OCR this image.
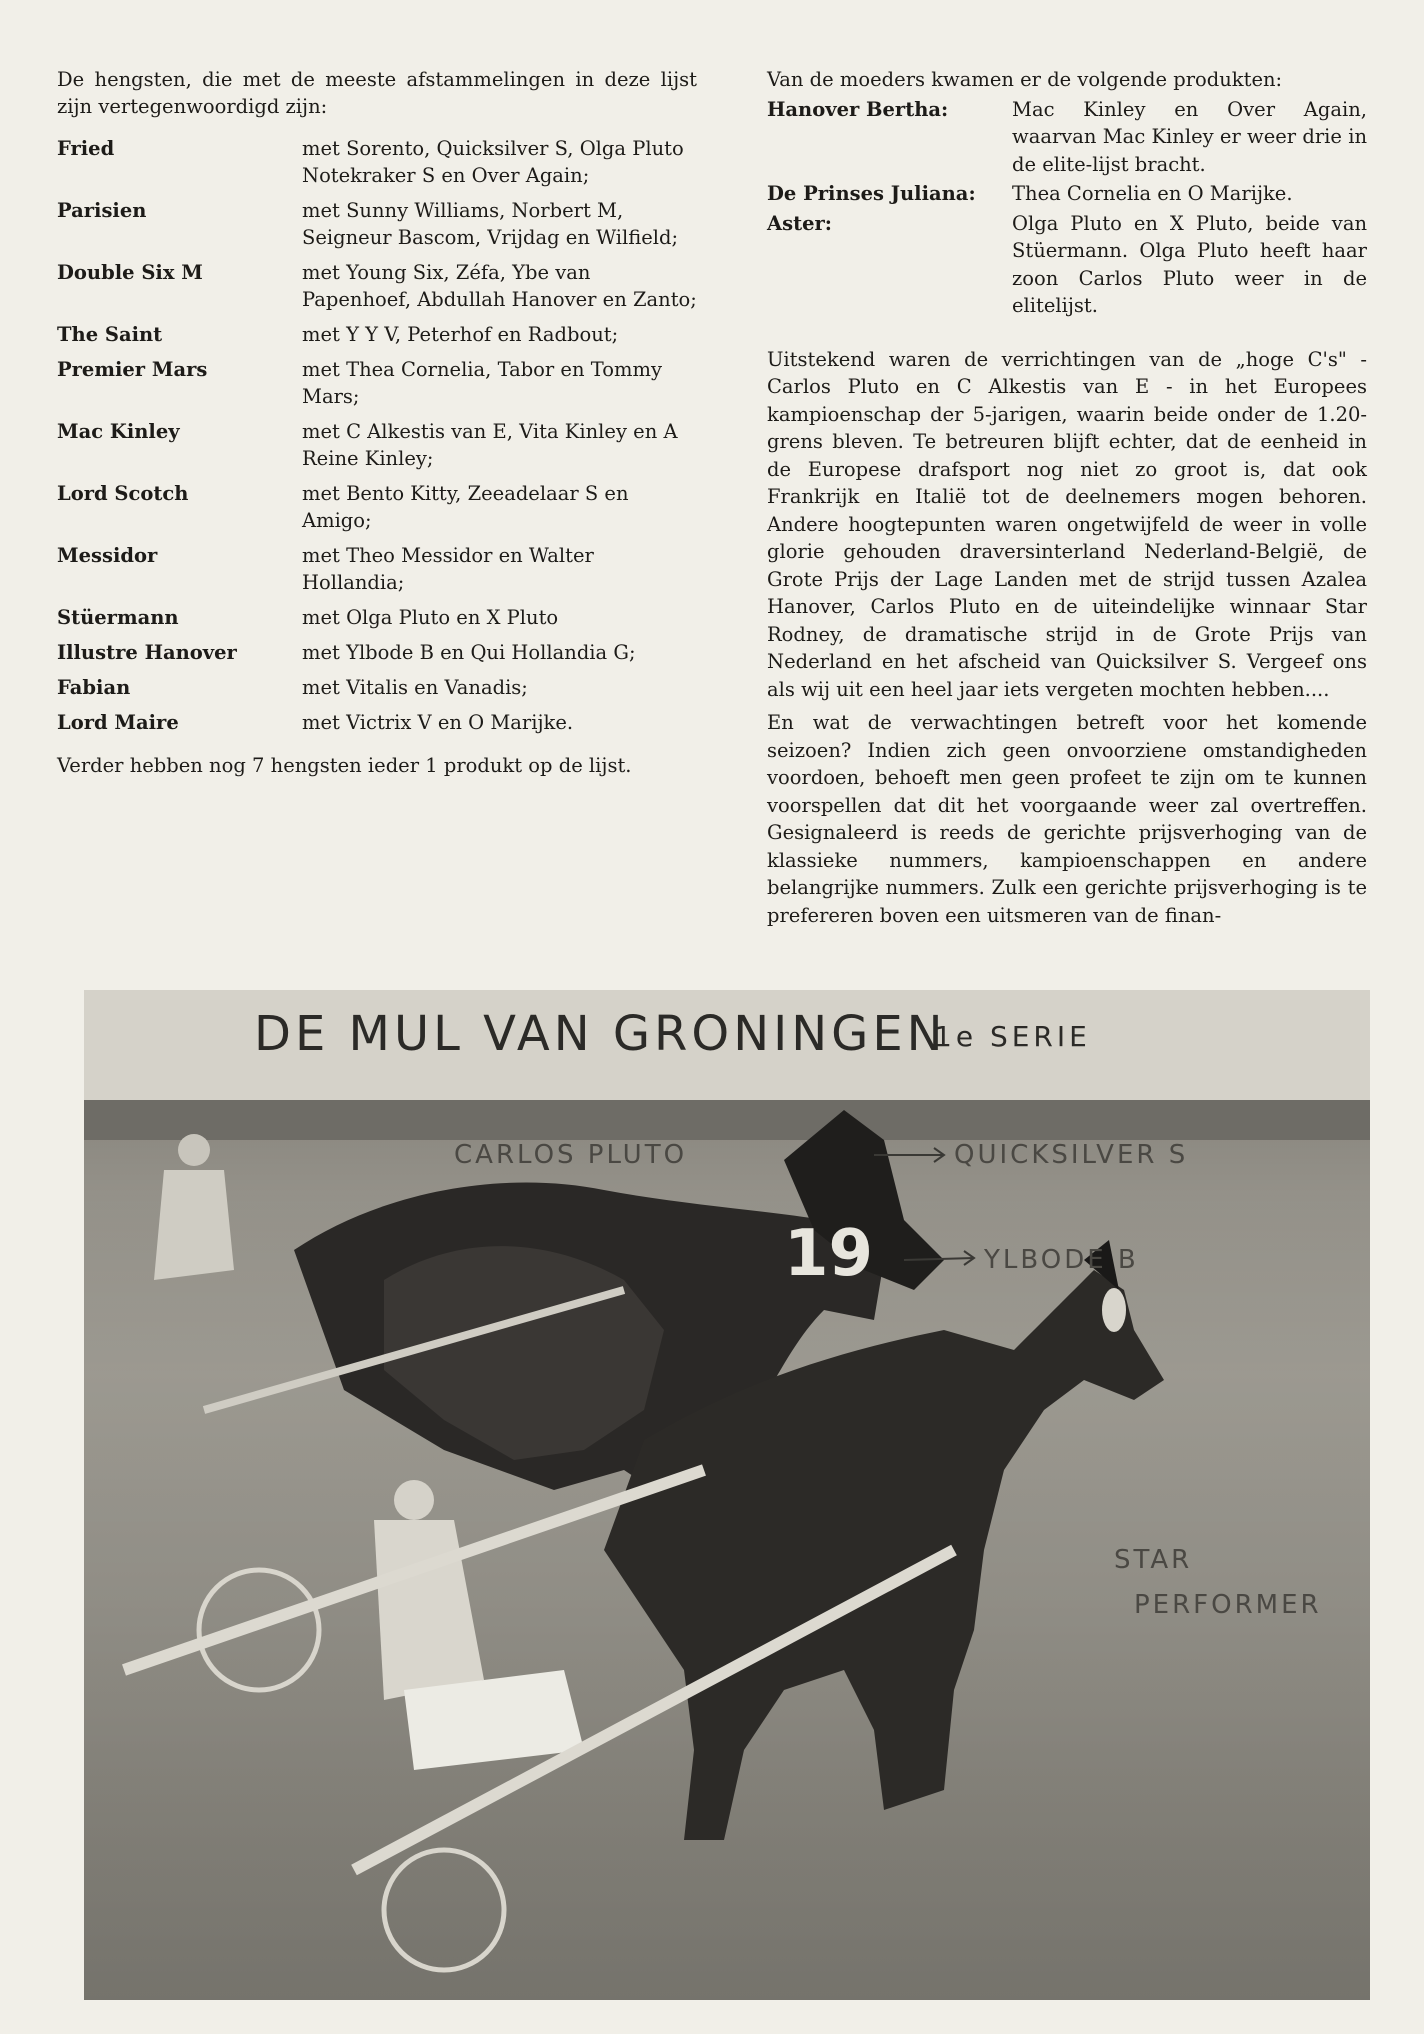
De hengsten, die met de meeste afstammelingen in deze lijst zijn vertegenwoordigd zijn:

Fried	met Sorento, Quicksilver S, Olga Pluto Notekraker S en Over Again;
Parisien	met Sunny Williams, Norbert M, Seigneur Bascom, Vrijdag en Wilfield;
Double Six M	met Young Six, Zéfa, Ybe van Papenhoef, Abdullah Hanover en Zanto;
The Saint	met Y Y V, Peterhof en Radbout;
Premier Mars	met Thea Cornelia, Tabor en Tommy Mars;
Mac Kinley	met C Alkestis van E, Vita Kinley en A Reine Kinley;
Lord Scotch	met Bento Kitty, Zeeadelaar S en Amigo;
Messidor	met Theo Messidor en Walter Hollandia;
Stüermann	met Olga Pluto en X Pluto
Illustre Hanover	met Ylbode B en Qui Hollandia G;
Fabian	met Vitalis en Vanadis;
Lord Maire	met Victrix V en O Marijke.

Verder hebben nog 7 hengsten ieder 1 produkt op de lijst.

Van de moeders kwamen er de volgende produkten:

Hanover Bertha:	Mac Kinley en Over Again, waarvan Mac Kinley er weer drie in de elite-lijst bracht.
De Prinses Juliana:	Thea Cornelia en O Marijke.
Aster:	Olga Pluto en X Pluto, beide van Stüermann. Olga Pluto heeft haar zoon Carlos Pluto weer in de elitelijst.

Uitstekend waren de verrichtingen van de „hoge C's" - Carlos Pluto en C Alkestis van E - in het Europees kampioenschap der 5-jarigen, waarin beide onder de 1.20-grens bleven. Te betreuren blijft echter, dat de eenheid in de Europese drafsport nog niet zo groot is, dat ook Frankrijk en Italië tot de deelnemers mogen behoren. Andere hoogtepunten waren ongetwijfeld de weer in volle glorie gehouden draversinterland Nederland-België, de Grote Prijs der Lage Landen met de strijd tussen Azalea Hanover, Carlos Pluto en de uiteindelijke winnaar Star Rodney, de dramatische strijd in de Grote Prijs van Nederland en het afscheid van Quicksilver S. Vergeef ons als wij uit een heel jaar iets vergeten mochten hebben....

En wat de verwachtingen betreft voor het komende seizoen? Indien zich geen onvoorziene omstandigheden voordoen, behoeft men geen profeet te zijn om te kunnen voorspellen dat dit het voorgaande weer zal overtreffen. Gesignaleerd is reeds de gerichte prijsverhoging van de klassieke nummers, kampioenschappen en andere belangrijke nummers. Zulk een gerichte prijsverhoging is te prefereren boven een uitsmeren van de finan-

19
DE MUL VAN GRONINGEN
1e SERIE
CARLOS PLUTO	QUICKSILVER S
YLBODE B
STAR
PERFORMER
